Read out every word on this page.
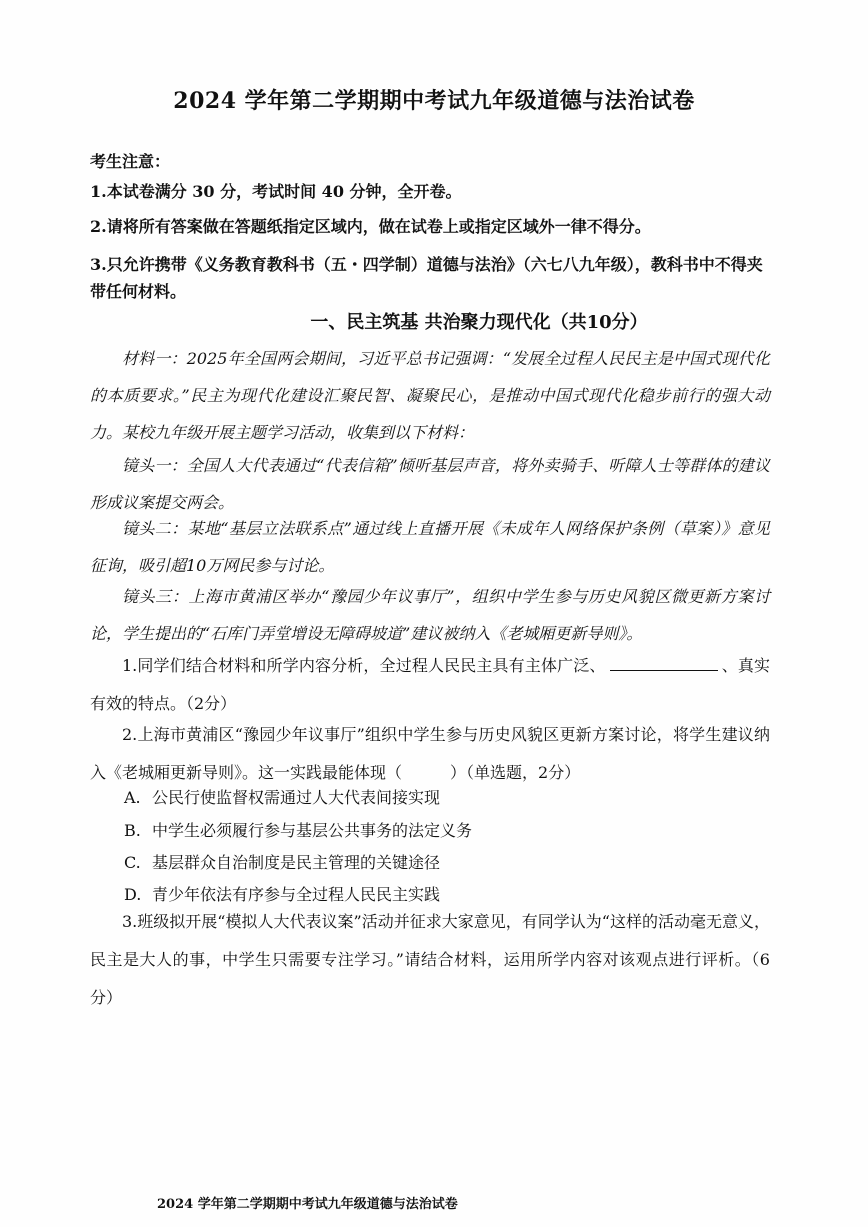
2024 学年第二学期期中考试九年级道德与法治试卷
考生注意：
1.本试卷满分 30 分，考试时间 40 分钟，全开卷。
2.请将所有答案做在答题纸指定区域内，做在试卷上或指定区域外一律不得分。
3.只允许携带《义务教育教科书（五・四学制）道德与法治》（六七八九年级），教科书中不得夹带任何材料。
一、民主筑基 共治聚力现代化（共10分）
材料一：2025年全国两会期间，习近平总书记强调：“发展全过程人民民主是中国式现代化的本质要求。”民主为现代化建设汇聚民智、凝聚民心，是推动中国式现代化稳步前行的强大动力。某校九年级开展主题学习活动，收集到以下材料：
镜头一：全国人大代表通过“代表信箱”倾听基层声音，将外卖骑手、听障人士等群体的建议形成议案提交两会。
镜头二：某地“基层立法联系点”通过线上直播开展《未成年人网络保护条例（草案）》意见征询，吸引超10万网民参与讨论。
镜头三：上海市黄浦区举办“豫园少年议事厅”，组织中学生参与历史风貌区微更新方案讨论，学生提出的“石库门弄堂增设无障碍坡道”建议被纳入《老城厢更新导则》。
1.同学们结合材料和所学内容分析，全过程人民民主具有主体广泛、	、真实有效的特点。（2分）
2.上海市黄浦区“豫园少年议事厅”组织中学生参与历史风貌区更新方案讨论，将学生建议纳入《老城厢更新导则》。这一实践最能体现（	）（单选题，2分）
A. 公民行使监督权需通过人大代表间接实现
B. 中学生必须履行参与基层公共事务的法定义务
C. 基层群众自治制度是民主管理的关键途径
D. 青少年依法有序参与全过程人民民主实践
3.班级拟开展“模拟人大代表议案”活动并征求大家意见，有同学认为“这样的活动毫无意义，民主是大人的事，中学生只需要专注学习。”请结合材料，运用所学内容对该观点进行评析。（6分）
2024 学年第二学期期中考试九年级道德与法治试卷
